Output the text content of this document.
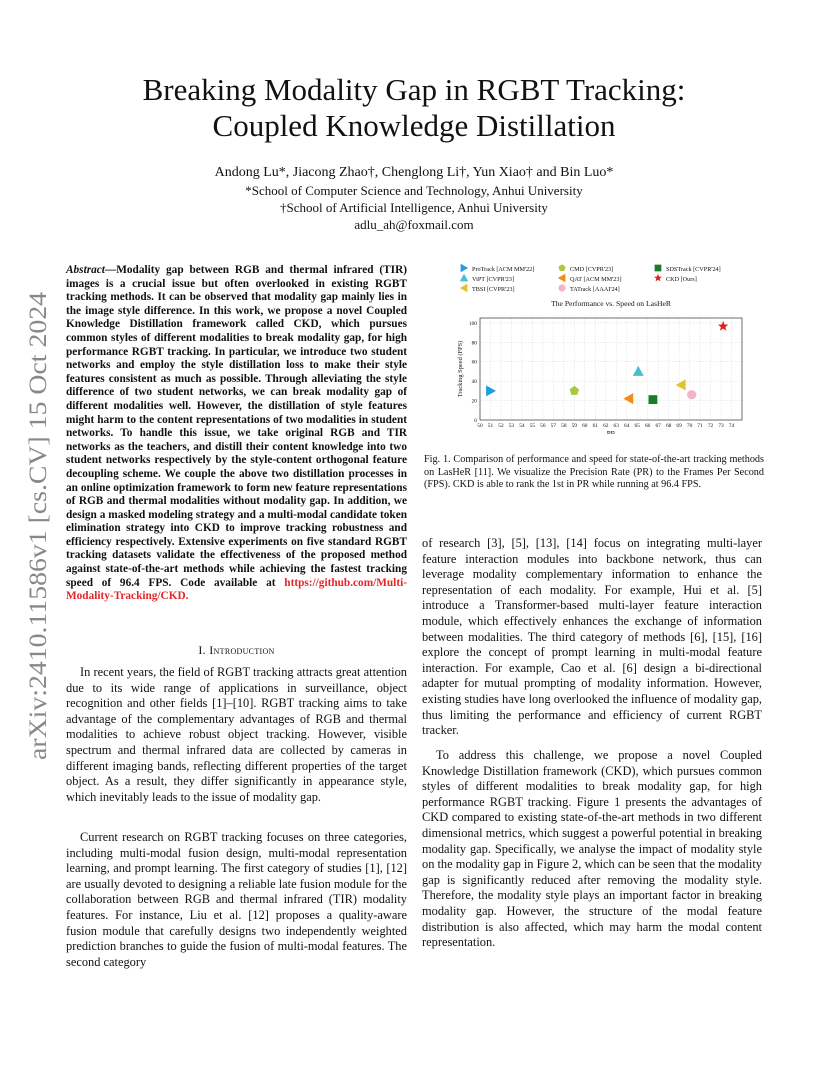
arXiv:2410.11586v1 [cs.CV] 15 Oct 2024
Breaking Modality Gap in RGBT Tracking:
Coupled Knowledge Distillation
Andong Lu*, Jiacong Zhao†, Chenglong Li†, Yun Xiao† and Bin Luo*
*School of Computer Science and Technology, Anhui University
†School of Artificial Intelligence, Anhui University
adlu_ah@foxmail.com
Abstract—Modality gap between RGB and thermal infrared (TIR) images is a crucial issue but often overlooked in existing RGBT tracking methods. It can be observed that modality gap mainly lies in the image style difference. In this work, we propose a novel Coupled Knowledge Distillation framework called CKD, which pursues common styles of different modalities to break modality gap, for high performance RGBT tracking. In particular, we introduce two student networks and employ the style distillation loss to make their style features consistent as much as possible. Through alleviating the style difference of two student networks, we can break modality gap of different modalities well. However, the distillation of style features might harm to the content representations of two modalities in student networks. To handle this issue, we take original RGB and TIR networks as the teachers, and distill their content knowledge into two student networks respectively by the style-content orthogonal feature decoupling scheme. We couple the above two distillation processes in an online optimization framework to form new feature representations of RGB and thermal modalities without modality gap. In addition, we design a masked modeling strategy and a multi-modal candidate token elimination strategy into CKD to improve tracking robustness and efficiency respectively. Extensive experiments on five standard RGBT tracking datasets validate the effectiveness of the proposed method against state-of-the-art methods while achieving the fastest tracking speed of 96.4 FPS. Code available at https://github.com/Multi-Modality-Tracking/CKD.
I. Introduction
In recent years, the field of RGBT tracking attracts great attention due to its wide range of applications in surveillance, object recognition and other fields [1]–[10]. RGBT tracking aims to take advantage of the complementary advantages of RGB and thermal modalities to achieve robust object tracking. However, visible spectrum and thermal infrared data are collected by cameras in different imaging bands, reflecting different properties of the target object. As a result, they differ significantly in appearance style, which inevitably leads to the issue of modality gap.
Current research on RGBT tracking focuses on three categories, including multi-modal fusion design, multi-modal representation learning, and prompt learning. The first category of studies [1], [12] are usually devoted to designing a reliable late fusion module for the collaboration between RGB and thermal infrared (TIR) modality features. For instance, Liu et al. [12] proposes a quality-aware fusion module that carefully designs two independently weighted prediction branches to guide the fusion of multi-modal features. The second category
ProTrack [ACM MM'22]	CMD [CVPR'23]	SDSTrack [CVPR'24]
ViPT [CVPR'23]	QAT [ACM MM'23]	CKD [Ours]
TBSI [CVPR'23]	TATrack [AAAI'24]
The Performance vs. Speed on LasHeR
50 51 52 53 54 55 56 57 58 59 60 61 62 63 64 65 66 67 68 69 70 71 72 73 74
0
20
40
60
80
100
PR
Tracking Speed (FPS)
Fig. 1. Comparison of performance and speed for state-of-the-art tracking methods on LasHeR [11]. We visualize the Precision Rate (PR) to the Frames Per Second (FPS). CKD is able to rank the 1st in PR while running at 96.4 FPS.
of research [3], [5], [13], [14] focus on integrating multi-layer feature interaction modules into backbone network, thus can leverage modality complementary information to enhance the representation of each modality. For example, Hui et al. [5] introduce a Transformer-based multi-layer feature interaction module, which effectively enhances the exchange of information between modalities. The third category of methods [6], [15], [16] explore the concept of prompt learning in multi-modal feature interaction. For example, Cao et al. [6] design a bi-directional adapter for mutual prompting of modality information. However, existing studies have long overlooked the influence of modality gap, thus limiting the performance and efficiency of current RGBT tracker.
To address this challenge, we propose a novel Coupled Knowledge Distillation framework (CKD), which pursues common styles of different modalities to break modality gap, for high performance RGBT tracking. Figure 1 presents the advantages of CKD compared to existing state-of-the-art methods in two different dimensional metrics, which suggest a powerful potential in breaking modality gap. Specifically, we analyse the impact of modality style on the modality gap in Figure 2, which can be seen that the modality gap is significantly reduced after removing the modality style. Therefore, the modality style plays an important factor in breaking modality gap. However, the structure of the modal feature distribution is also affected, which may harm the modal content representation.
